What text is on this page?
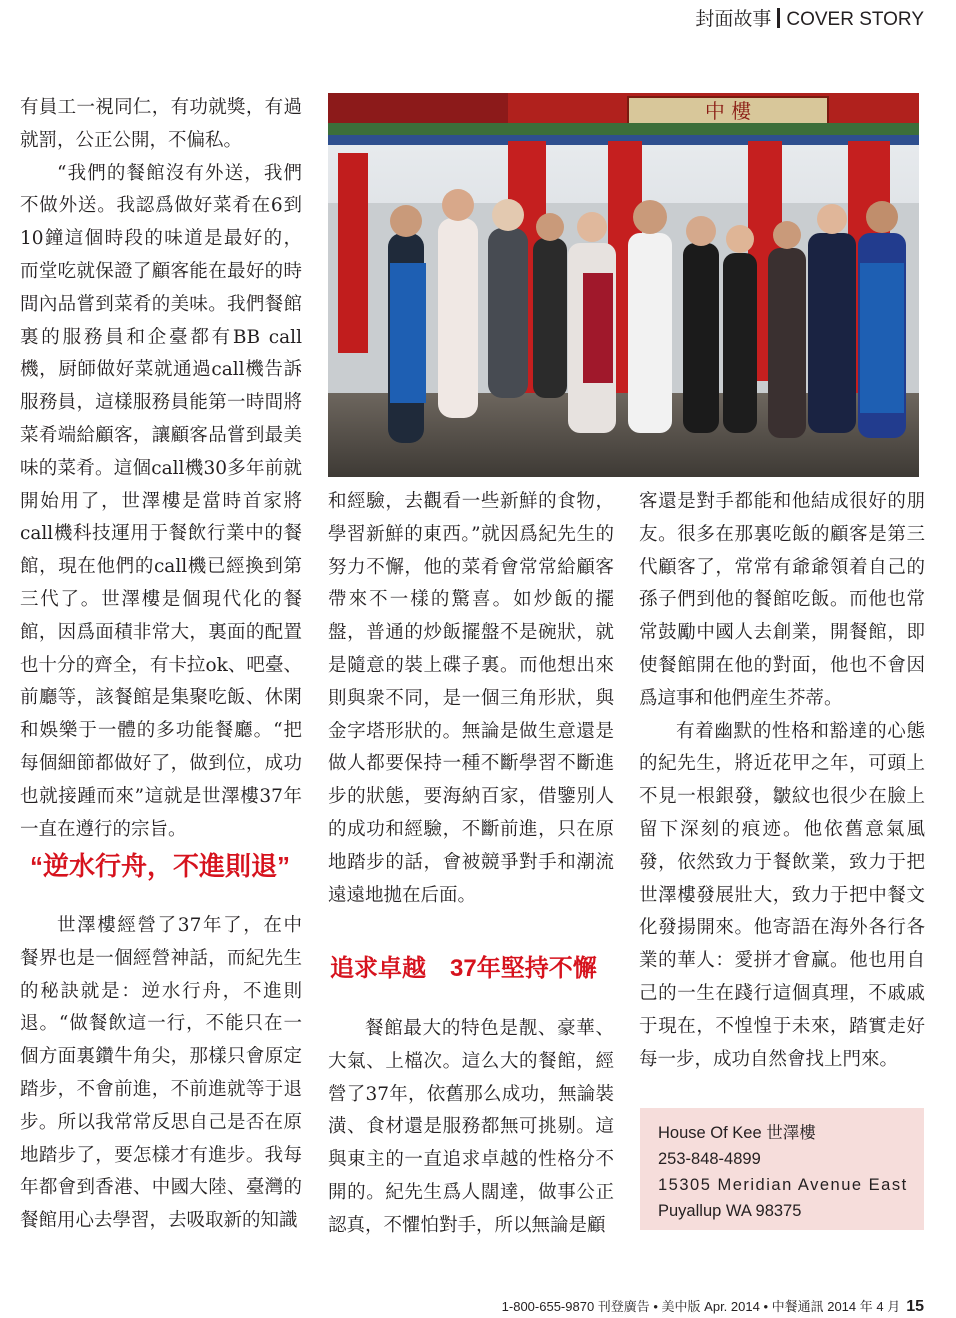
封面故事 COVER STORY

有員工一視同仁，有功就獎，有過就罰，公正公開，不偏私。

“我們的餐館沒有外送，我們不做外送。我認爲做好菜肴在6到10鐘這個時段的味道是最好的，而堂吃就保證了顧客能在最好的時間內品嘗到菜肴的美味。我們餐館裏的服務員和企臺都有BB call機，厨師做好菜就通過call機告訴服務員，這樣服務員能第一時間將菜肴端給顧客，讓顧客品嘗到最美味的菜肴。這個call機30多年前就開始用了，世澤樓是當時首家將call機科技運用于餐飲行業中的餐館，現在他們的call機已經換到第三代了。世澤樓是個現代化的餐館，因爲面積非常大，裏面的配置也十分的齊全，有卡拉ok、吧臺、前廳等，該餐館是集聚吃飯、休閑和娛樂于一體的多功能餐廳。“把每個細節都做好了，做到位，成功也就接踵而來”這就是世澤樓37年一直在遵行的宗旨。

“逆水行舟，不進則退”

世澤樓經營了37年了，在中餐界也是一個經營神話，而紀先生的秘訣就是：逆水行舟，不進則退。“做餐飲這一行，不能只在一個方面裏鑽牛角尖，那樣只會原定踏步，不會前進，不前進就等于退步。所以我常常反思自己是否在原地踏步了，要怎樣才有進步。我每年都會到香港、中國大陸、臺灣的餐館用心去學習，去吸取新的知識

中 樓

和經驗，去觀看一些新鮮的食物，學習新鮮的東西。”就因爲紀先生的努力不懈，他的菜肴會常常給顧客帶來不一樣的驚喜。如炒飯的擺盤，普通的炒飯擺盤不是碗狀，就是隨意的裝上碟子裏。而他想出來則與衆不同，是一個三角形狀，與金字塔形狀的。無論是做生意還是做人都要保持一種不斷學習不斷進步的狀態，要海納百家，借鑒別人的成功和經驗，不斷前進，只在原地踏步的話，會被競爭對手和潮流遠遠地拋在后面。

追求卓越 37年堅持不懈

餐館最大的特色是靓、豪華、大氣、上檔次。這么大的餐館，經營了37年，依舊那么成功，無論裝潢、食材還是服務都無可挑剔。這與東主的一直追求卓越的性格分不開的。紀先生爲人闊達，做事公正認真，不懼怕對手，所以無論是顧

客還是對手都能和他結成很好的朋友。很多在那裏吃飯的顧客是第三代顧客了，常常有爺爺領着自己的孫子們到他的餐館吃飯。而他也常常鼓勵中國人去創業，開餐館，即使餐館開在他的對面，他也不會因爲這事和他們産生芥蒂。

有着幽默的性格和豁達的心態的紀先生，將近花甲之年，可頭上不見一根銀發，皺紋也很少在臉上留下深刻的痕迹。他依舊意氣風發，依然致力于餐飲業，致力于把世澤樓發展壯大，致力于把中餐文化發揚開來。他寄語在海外各行各業的華人：愛拼才會赢。他也用自己的一生在踐行這個真理，不戚戚于現在，不惶惶于未來，踏實走好每一步，成功自然會找上門來。

House Of Kee 世澤樓
253-848-4899
15305 Meridian Avenue East
Puyallup WA 98375
1-800-655-9870 刊登廣告 • 美中版 Apr. 2014 • 中餐通訊 2014 年 4 月 15
